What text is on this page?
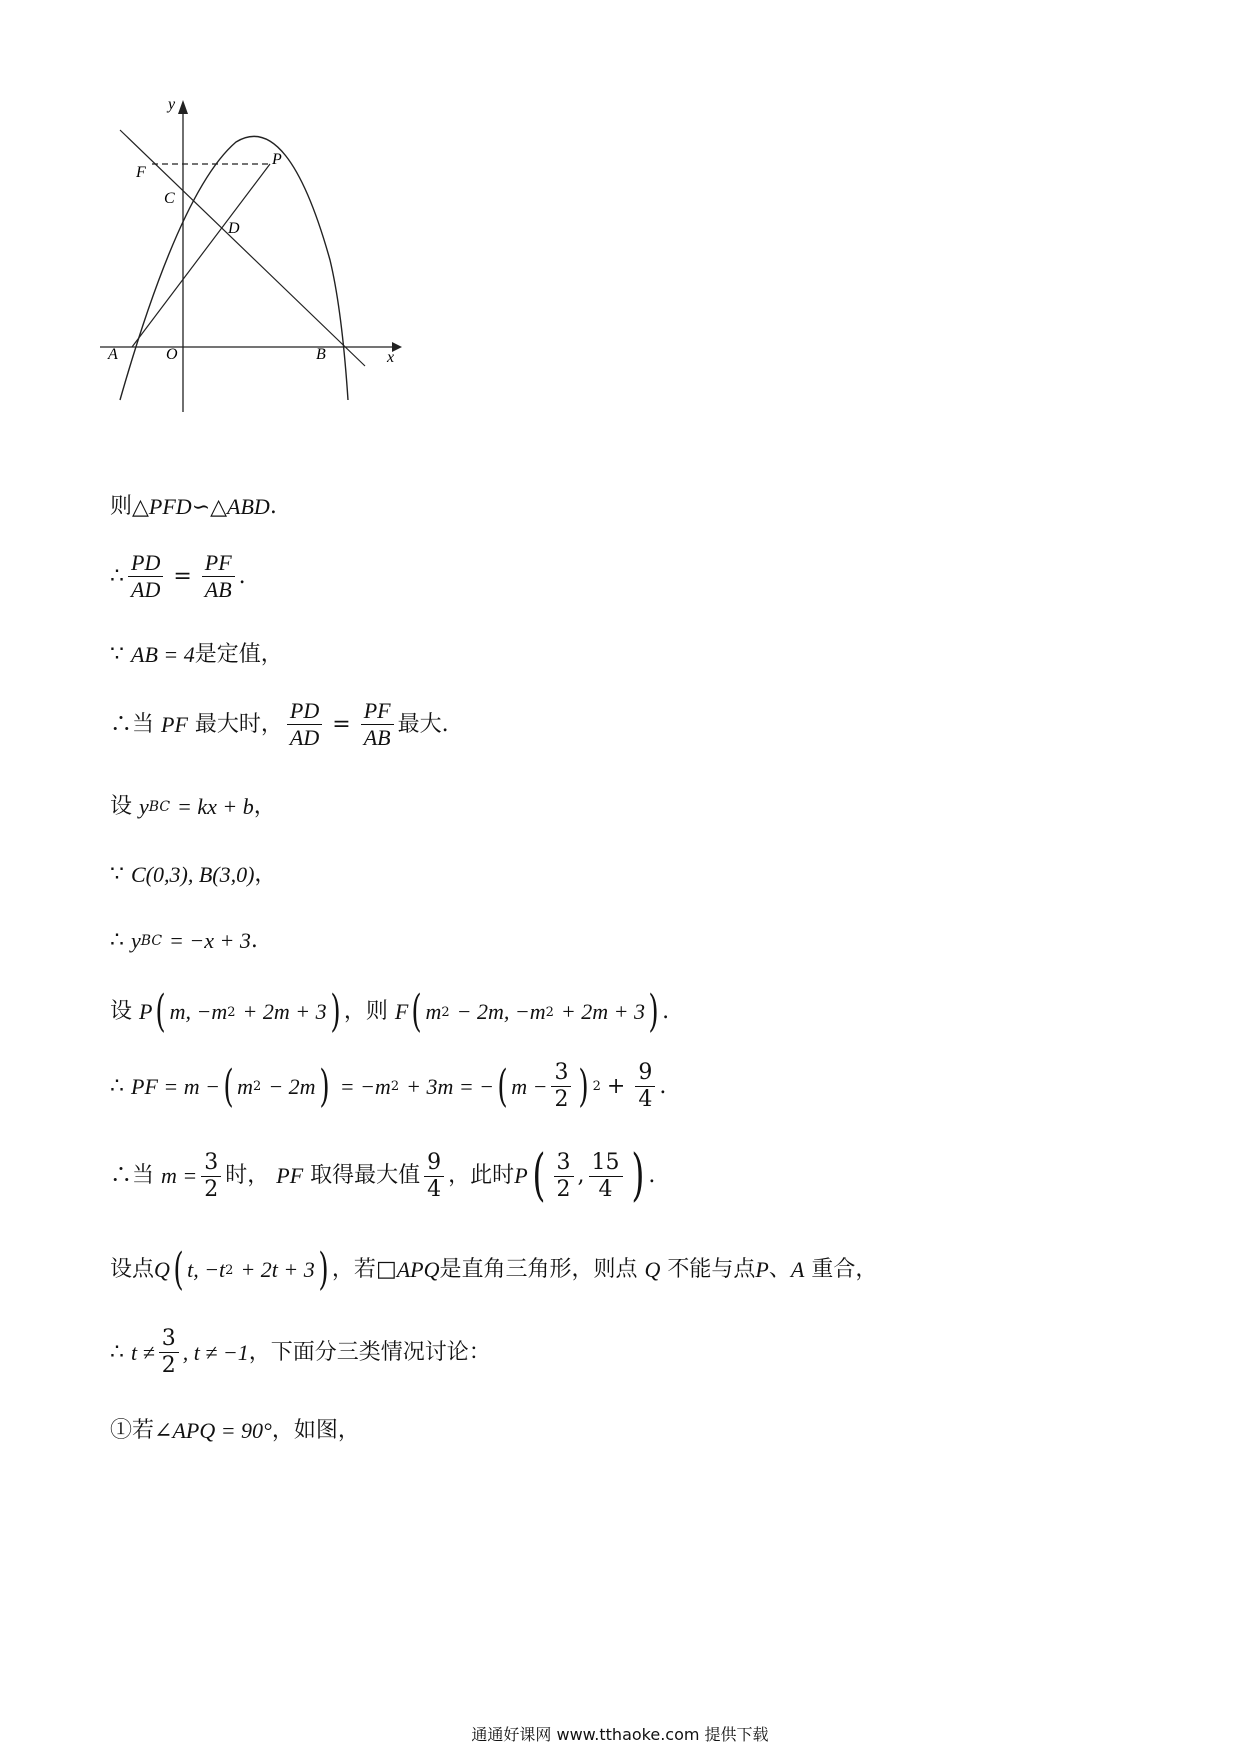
y
x
F
P
C
D
A	O	B
则 △PFD∽△ABD .
∴ $\frac{PD}{AD} = \frac{PF}{AB}$ .
∵
AB = 4 是定值，
∴当
PF
最大时， $\frac{PD}{AD} = \frac{PF}{AB}$ 最大.
设
y BC
= kx + b ，
∵
C(0,3), B(3,0) ，
∴
y BC
= −x + 3 .
设
P ( m, −m 2
+ 2m + 3 ) ，则
F ( m 2
− 2m, −m 2
+ 2m + 3 ) .
∴
PF = m − ( m 2
− 2m )
= −m 2
+ 3m = − ( $m - \frac{3}{2}$ ) $2 + \frac{9}{4}$ .
∴当
$m = \frac{3}{2}$ 时，
PF
取得最大值 $\frac{9}{4}$ ，此时 P ( $\frac{3}{2}$ , $\frac{15}{4}$ ) .
设点 Q ( t, −t 2
+ 2t + 3 ) ，若 □ APQ 是直角三角形，则点
Q
不能与点 P 、 A
重合，
∴
$t \ne \frac{3}{2}$ , t ≠ −1 ，下面分三类情况讨论：
①若 ∠APQ = 90° ，如图，
通通好课网 www.tthaoke.com 提供下载
